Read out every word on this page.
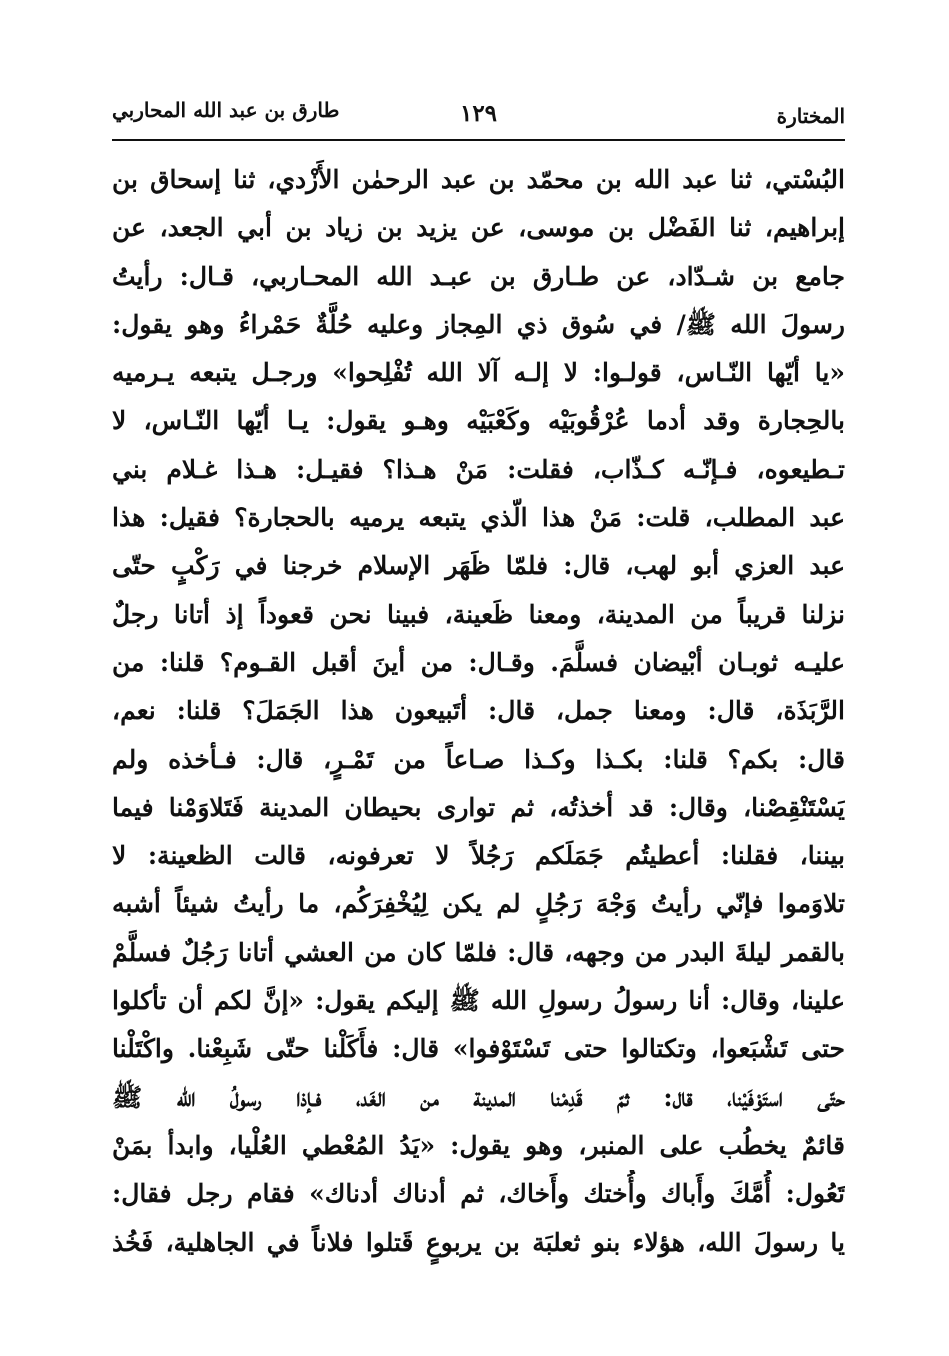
المختارة
١٢٩
طارق بن عبد الله المحاربي
البُسْتي، ثنا عبد الله بن محمّد بن عبد الرحمٰن الأَزْدي، ثنا إسحاق بن
إبراهيم، ثنا الفَضْل بن موسى، عن يزيد بن زياد بن أبي الجعد، عن
جامع بن شـدّاد، عن طـارق بن عبـد الله المحـاربي، قـال: رأيتُ
رسولَ الله ﷺ/ في سُوق ذي المِجاز وعليه حُلَّةٌ حَمْراءُ وهو يقول:
«يا أيّها النّـاس، قولـوا: لا إلـه آلا الله تُفْلِحوا» ورجـل يتبعه يـرميه
بالحِجارة وقد أدما عُرْقُوبَيْه وكَعْبَيْه وهـو يقول: يـا أيّها النّـاس، لا
تـطيعوه، فـإنّـه كـذّاب، فقلت: مَنْ هـذا؟ فقيـل: هـذا غـلام بني
عبد المطلب، قلت: مَنْ هذا الّذي يتبعه يرميه بالحجارة؟ فقيل: هذا
عبد العزي أبو لهب، قال: فلمّا ظَهَر الإسلام خرجنا في رَكْبٍ حتّى
نزلنا قريباً من المدينة، ومعنا ظَعينة، فبينا نحن قعوداً إذ أتانا رجلٌ
عليـه ثوبـان أبْيضان فسلَّمَ. وقـال: من أينَ أقبل القـوم؟ قلنا: من
الرَّبَذَة، قال: ومعنا جمل، قال: أتَبيعون هذا الجَمَلَ؟ قلنا: نعم،
قال: بكم؟ قلنا: بكـذا وكـذا صـاعاً من تَمْـرٍ، قال: فـأخذه ولم
يَسْتَنْقِصْنا، وقال: قد أخذتُه، ثم توارى بحيطان المدينة فَتَلاوَمْنا فيما
بيننا، فقلنا: أعطيتُم جَمَلَكم رَجُلاً لا تعرفونه، قالت الظعينة: لا
تلاوَموا فإنّي رأيتُ وَجْهَ رَجُلٍ لم يكن لِيُخْفِرَكُم، ما رأيتُ شيئاً أشبه
بالقمر ليلةَ البدر من وجهه، قال: فلمّا كان من العشي أتانا رَجُلٌ فسلَّمْ
علينا، وقال: أنا رسولُ رسولِ الله ﷺ إليكم يقول: «إنَّ لكم أن تأكلوا
حتى تَشْبَعوا، وتكتالوا حتى تَسْتَوْفوا» قال: فأَكَلْنا حتّى شَبِعْنا. واكْتَلْنا
حتّى استَوْفَيْنا، قال: ثمّ قَدِمْنا المدينة من الغَد، فـإذا رسولُ الله ﷺ
قائمٌ يخطُب على المنبر، وهو يقول: «يَدُ المُعْطي العُلْيا، وابدأ بمَنْ
تَعُول: أُمَّكَ وأَباك وأُختك وأَخاك، ثم أدناك أدناك» فقام رجل فقال:
يا رسولَ الله، هؤلاء بنو ثعلبَة بن يربوعٍ قَتلوا فلاناً في الجاهلية، فَخُذ
